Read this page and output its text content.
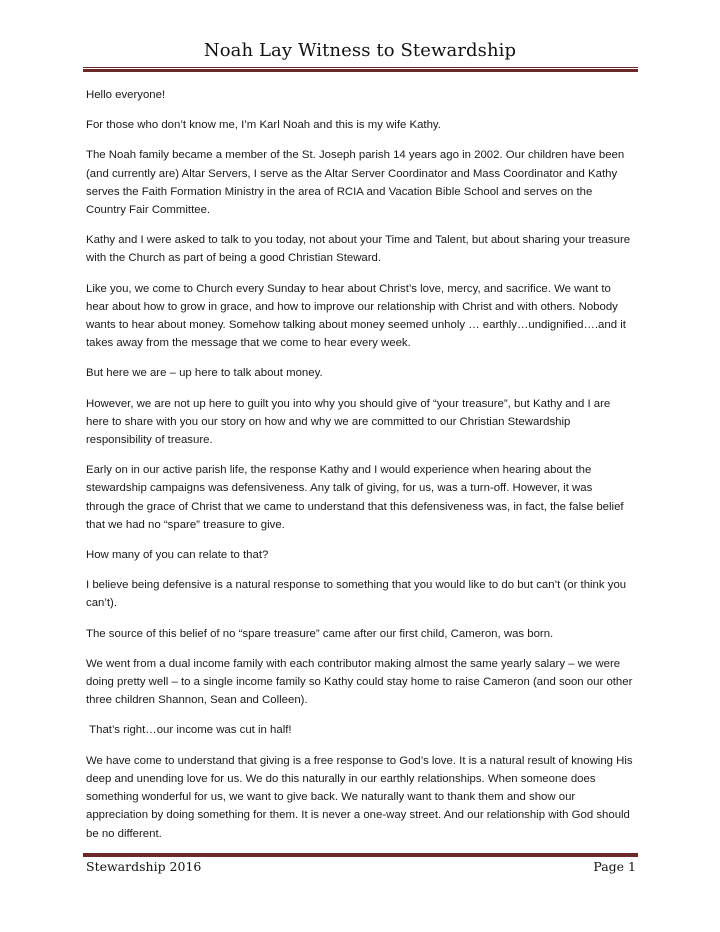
Noah Lay Witness to Stewardship

Hello everyone!

For those who don’t know me, I’m Karl Noah and this is my wife Kathy.

The Noah family became a member of the St. Joseph parish 14 years ago in 2002. Our children have been (and currently are) Altar Servers, I serve as the Altar Server Coordinator and Mass Coordinator and Kathy serves the Faith Formation Ministry in the area of RCIA and Vacation Bible School and serves on the Country Fair Committee.

Kathy and I were asked to talk to you today, not about your Time and Talent, but about sharing your treasure with the Church as part of being a good Christian Steward.

Like you, we come to Church every Sunday to hear about Christ’s love, mercy, and sacrifice. We want to hear about how to grow in grace, and how to improve our relationship with Christ and with others. Nobody wants to hear about money. Somehow talking about money seemed unholy … earthly…undignified….and it takes away from the message that we come to hear every week.

But here we are – up here to talk about money.

However, we are not up here to guilt you into why you should give of “your treasure”, but Kathy and I are here to share with you our story on how and why we are committed to our Christian Stewardship responsibility of treasure.

Early on in our active parish life, the response Kathy and I would experience when hearing about the stewardship campaigns was defensiveness. Any talk of giving, for us, was a turn-off. However, it was through the grace of Christ that we came to understand that this defensiveness was, in fact, the false belief that we had no “spare” treasure to give.

How many of you can relate to that?

I believe being defensive is a natural response to something that you would like to do but can’t (or think you can’t).

The source of this belief of no “spare treasure” came after our first child, Cameron, was born.

We went from a dual income family with each contributor making almost the same yearly salary – we were doing pretty well – to a single income family so Kathy could stay home to raise Cameron (and soon our other three children Shannon, Sean and Colleen).

That’s right…our income was cut in half!

We have come to understand that giving is a free response to God’s love. It is a natural result of knowing His deep and unending love for us. We do this naturally in our earthly relationships. When someone does something wonderful for us, we want to give back. We naturally want to thank them and show our appreciation by doing something for them. It is never a one-way street. And our relationship with God should be no different.

Stewardship 2016	Page 1
